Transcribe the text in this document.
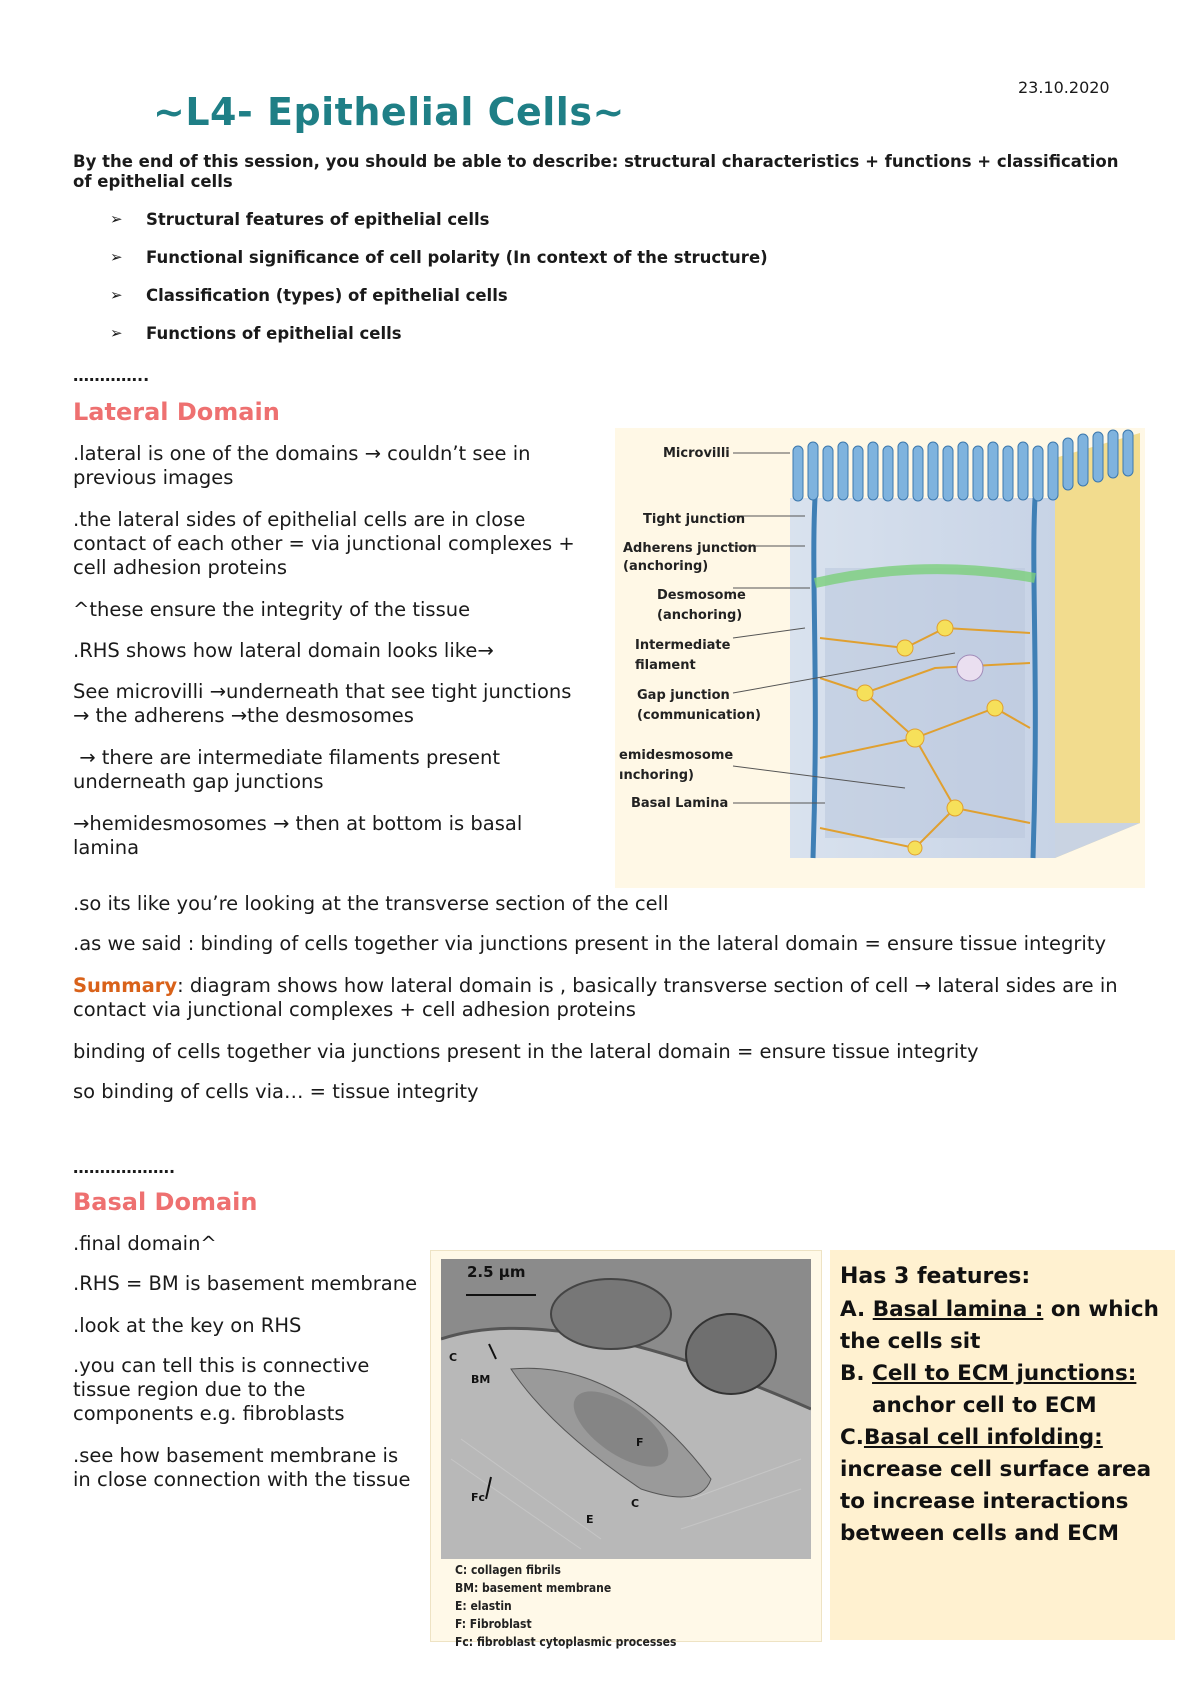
23.10.2020
~L4- Epithelial Cells~
By the end of this session, you should be able to describe: structural characteristics + functions + classification of epithelial cells
➢	Structural features of epithelial cells
➢	Functional significance of cell polarity (In context of the structure)
➢	Classification (types) of epithelial cells
➢	Functions of epithelial cells
…………..
Lateral Domain

.lateral is one of the domains → couldn’t see in previous images

.the lateral sides of epithelial cells are in close contact of each other = via junctional complexes + cell adhesion proteins

^these ensure the integrity of the tissue

.RHS shows how lateral domain looks like→

See microvilli →underneath that see tight junctions → the adherens →the desmosomes

→ there are intermediate filaments present underneath gap junctions

→hemidesmosomes → then at bottom is basal lamina

Microvilli
Tight junction
Adherens junction
(anchoring)
Desmosome
(anchoring)
Intermediate
filament
Gap junction
(communication)
emidesmosome
ınchoring)
Basal Lamina

.so its like you’re looking at the transverse section of the cell

.as we said : binding of cells together via junctions present in the lateral domain = ensure tissue integrity

Summary: diagram shows how lateral domain is , basically transverse section of cell → lateral sides are in contact via junctional complexes + cell adhesion proteins

binding of cells together via junctions present in the lateral domain = ensure tissue integrity

so binding of cells via… = tissue integrity

……………….
Basal Domain

.final domain^

.RHS = BM is basement membrane

.look at the key on RHS

.you can tell this is connective tissue region due to the components e.g. fibroblasts

.see how basement membrane is in close connection with the tissue

2.5 µm
C
BM
F
Fc
E
C
C: collagen fibrils
BM: basement membrane
E: elastin
F: Fibroblast
Fc: fibroblast cytoplasmic processes
Has 3 features:
A. Basal lamina : on which the cells sit
B. Cell to ECM junctions:
anchor cell to ECM
C.Basal cell infolding: increase cell surface area to increase interactions between cells and ECM
